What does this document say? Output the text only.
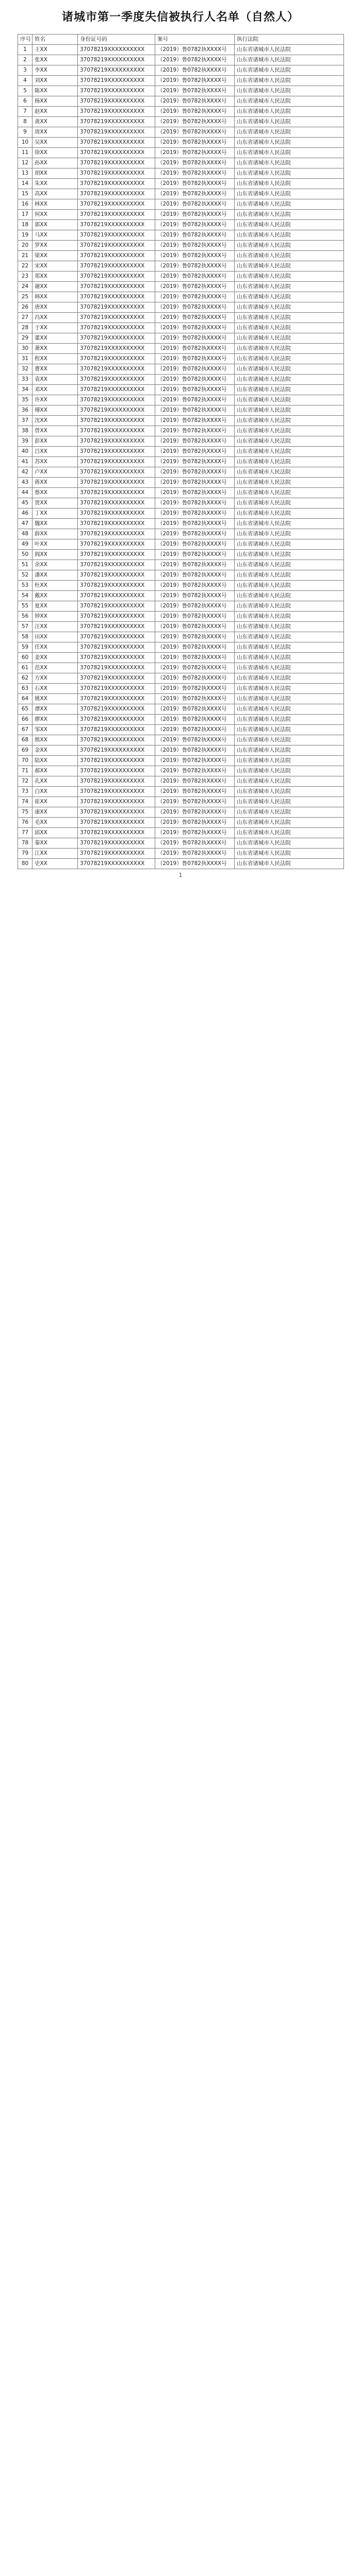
诸城市第一季度失信被执行人名单（自然人）
序号	姓名	身份证号码	案号	执行法院
1	王XX	37078219XXXXXXXXXX	（2019）鲁0782执XXXX号	山东省诸城市人民法院
2	张XX	37078219XXXXXXXXXX	（2019）鲁0782执XXXX号	山东省诸城市人民法院
3	李XX	37078219XXXXXXXXXX	（2019）鲁0782执XXXX号	山东省诸城市人民法院
4	刘XX	37078219XXXXXXXXXX	（2019）鲁0782执XXXX号	山东省诸城市人民法院
5	陈XX	37078219XXXXXXXXXX	（2019）鲁0782执XXXX号	山东省诸城市人民法院
6	杨XX	37078219XXXXXXXXXX	（2019）鲁0782执XXXX号	山东省诸城市人民法院
7	赵XX	37078219XXXXXXXXXX	（2019）鲁0782执XXXX号	山东省诸城市人民法院
8	黄XX	37078219XXXXXXXXXX	（2019）鲁0782执XXXX号	山东省诸城市人民法院
9	周XX	37078219XXXXXXXXXX	（2019）鲁0782执XXXX号	山东省诸城市人民法院
10	吴XX	37078219XXXXXXXXXX	（2019）鲁0782执XXXX号	山东省诸城市人民法院
11	徐XX	37078219XXXXXXXXXX	（2019）鲁0782执XXXX号	山东省诸城市人民法院
12	孙XX	37078219XXXXXXXXXX	（2019）鲁0782执XXXX号	山东省诸城市人民法院
13	胡XX	37078219XXXXXXXXXX	（2019）鲁0782执XXXX号	山东省诸城市人民法院
14	朱XX	37078219XXXXXXXXXX	（2019）鲁0782执XXXX号	山东省诸城市人民法院
15	高XX	37078219XXXXXXXXXX	（2019）鲁0782执XXXX号	山东省诸城市人民法院
16	林XX	37078219XXXXXXXXXX	（2019）鲁0782执XXXX号	山东省诸城市人民法院
17	何XX	37078219XXXXXXXXXX	（2019）鲁0782执XXXX号	山东省诸城市人民法院
18	郭XX	37078219XXXXXXXXXX	（2019）鲁0782执XXXX号	山东省诸城市人民法院
19	马XX	37078219XXXXXXXXXX	（2019）鲁0782执XXXX号	山东省诸城市人民法院
20	罗XX	37078219XXXXXXXXXX	（2019）鲁0782执XXXX号	山东省诸城市人民法院
21	梁XX	37078219XXXXXXXXXX	（2019）鲁0782执XXXX号	山东省诸城市人民法院
22	宋XX	37078219XXXXXXXXXX	（2019）鲁0782执XXXX号	山东省诸城市人民法院
23	郑XX	37078219XXXXXXXXXX	（2019）鲁0782执XXXX号	山东省诸城市人民法院
24	谢XX	37078219XXXXXXXXXX	（2019）鲁0782执XXXX号	山东省诸城市人民法院
25	韩XX	37078219XXXXXXXXXX	（2019）鲁0782执XXXX号	山东省诸城市人民法院
26	唐XX	37078219XXXXXXXXXX	（2019）鲁0782执XXXX号	山东省诸城市人民法院
27	冯XX	37078219XXXXXXXXXX	（2019）鲁0782执XXXX号	山东省诸城市人民法院
28	于XX	37078219XXXXXXXXXX	（2019）鲁0782执XXXX号	山东省诸城市人民法院
29	董XX	37078219XXXXXXXXXX	（2019）鲁0782执XXXX号	山东省诸城市人民法院
30	萧XX	37078219XXXXXXXXXX	（2019）鲁0782执XXXX号	山东省诸城市人民法院
31	程XX	37078219XXXXXXXXXX	（2019）鲁0782执XXXX号	山东省诸城市人民法院
32	曹XX	37078219XXXXXXXXXX	（2019）鲁0782执XXXX号	山东省诸城市人民法院
33	袁XX	37078219XXXXXXXXXX	（2019）鲁0782执XXXX号	山东省诸城市人民法院
34	邓XX	37078219XXXXXXXXXX	（2019）鲁0782执XXXX号	山东省诸城市人民法院
35	许XX	37078219XXXXXXXXXX	（2019）鲁0782执XXXX号	山东省诸城市人民法院
36	傅XX	37078219XXXXXXXXXX	（2019）鲁0782执XXXX号	山东省诸城市人民法院
37	沈XX	37078219XXXXXXXXXX	（2019）鲁0782执XXXX号	山东省诸城市人民法院
38	曾XX	37078219XXXXXXXXXX	（2019）鲁0782执XXXX号	山东省诸城市人民法院
39	彭XX	37078219XXXXXXXXXX	（2019）鲁0782执XXXX号	山东省诸城市人民法院
40	吕XX	37078219XXXXXXXXXX	（2019）鲁0782执XXXX号	山东省诸城市人民法院
41	苏XX	37078219XXXXXXXXXX	（2019）鲁0782执XXXX号	山东省诸城市人民法院
42	卢XX	37078219XXXXXXXXXX	（2019）鲁0782执XXXX号	山东省诸城市人民法院
43	蒋XX	37078219XXXXXXXXXX	（2019）鲁0782执XXXX号	山东省诸城市人民法院
44	蔡XX	37078219XXXXXXXXXX	（2019）鲁0782执XXXX号	山东省诸城市人民法院
45	贾XX	37078219XXXXXXXXXX	（2019）鲁0782执XXXX号	山东省诸城市人民法院
46	丁XX	37078219XXXXXXXXXX	（2019）鲁0782执XXXX号	山东省诸城市人民法院
47	魏XX	37078219XXXXXXXXXX	（2019）鲁0782执XXXX号	山东省诸城市人民法院
48	薛XX	37078219XXXXXXXXXX	（2019）鲁0782执XXXX号	山东省诸城市人民法院
49	叶XX	37078219XXXXXXXXXX	（2019）鲁0782执XXXX号	山东省诸城市人民法院
50	阎XX	37078219XXXXXXXXXX	（2019）鲁0782执XXXX号	山东省诸城市人民法院
51	余XX	37078219XXXXXXXXXX	（2019）鲁0782执XXXX号	山东省诸城市人民法院
52	潘XX	37078219XXXXXXXXXX	（2019）鲁0782执XXXX号	山东省诸城市人民法院
53	杜XX	37078219XXXXXXXXXX	（2019）鲁0782执XXXX号	山东省诸城市人民法院
54	戴XX	37078219XXXXXXXXXX	（2019）鲁0782执XXXX号	山东省诸城市人民法院
55	夏XX	37078219XXXXXXXXXX	（2019）鲁0782执XXXX号	山东省诸城市人民法院
56	钟XX	37078219XXXXXXXXXX	（2019）鲁0782执XXXX号	山东省诸城市人民法院
57	汪XX	37078219XXXXXXXXXX	（2019）鲁0782执XXXX号	山东省诸城市人民法院
58	田XX	37078219XXXXXXXXXX	（2019）鲁0782执XXXX号	山东省诸城市人民法院
59	任XX	37078219XXXXXXXXXX	（2019）鲁0782执XXXX号	山东省诸城市人民法院
60	姜XX	37078219XXXXXXXXXX	（2019）鲁0782执XXXX号	山东省诸城市人民法院
61	范XX	37078219XXXXXXXXXX	（2019）鲁0782执XXXX号	山东省诸城市人民法院
62	方XX	37078219XXXXXXXXXX	（2019）鲁0782执XXXX号	山东省诸城市人民法院
63	石XX	37078219XXXXXXXXXX	（2019）鲁0782执XXXX号	山东省诸城市人民法院
64	姚XX	37078219XXXXXXXXXX	（2019）鲁0782执XXXX号	山东省诸城市人民法院
65	谭XX	37078219XXXXXXXXXX	（2019）鲁0782执XXXX号	山东省诸城市人民法院
66	廖XX	37078219XXXXXXXXXX	（2019）鲁0782执XXXX号	山东省诸城市人民法院
67	邹XX	37078219XXXXXXXXXX	（2019）鲁0782执XXXX号	山东省诸城市人民法院
68	熊XX	37078219XXXXXXXXXX	（2019）鲁0782执XXXX号	山东省诸城市人民法院
69	金XX	37078219XXXXXXXXXX	（2019）鲁0782执XXXX号	山东省诸城市人民法院
70	陆XX	37078219XXXXXXXXXX	（2019）鲁0782执XXXX号	山东省诸城市人民法院
71	郝XX	37078219XXXXXXXXXX	（2019）鲁0782执XXXX号	山东省诸城市人民法院
72	孔XX	37078219XXXXXXXXXX	（2019）鲁0782执XXXX号	山东省诸城市人民法院
73	白XX	37078219XXXXXXXXXX	（2019）鲁0782执XXXX号	山东省诸城市人民法院
74	崔XX	37078219XXXXXXXXXX	（2019）鲁0782执XXXX号	山东省诸城市人民法院
75	康XX	37078219XXXXXXXXXX	（2019）鲁0782执XXXX号	山东省诸城市人民法院
76	毛XX	37078219XXXXXXXXXX	（2019）鲁0782执XXXX号	山东省诸城市人民法院
77	邱XX	37078219XXXXXXXXXX	（2019）鲁0782执XXXX号	山东省诸城市人民法院
78	秦XX	37078219XXXXXXXXXX	（2019）鲁0782执XXXX号	山东省诸城市人民法院
79	江XX	37078219XXXXXXXXXX	（2019）鲁0782执XXXX号	山东省诸城市人民法院
80	史XX	37078219XXXXXXXXXX	（2019）鲁0782执XXXX号	山东省诸城市人民法院
1
